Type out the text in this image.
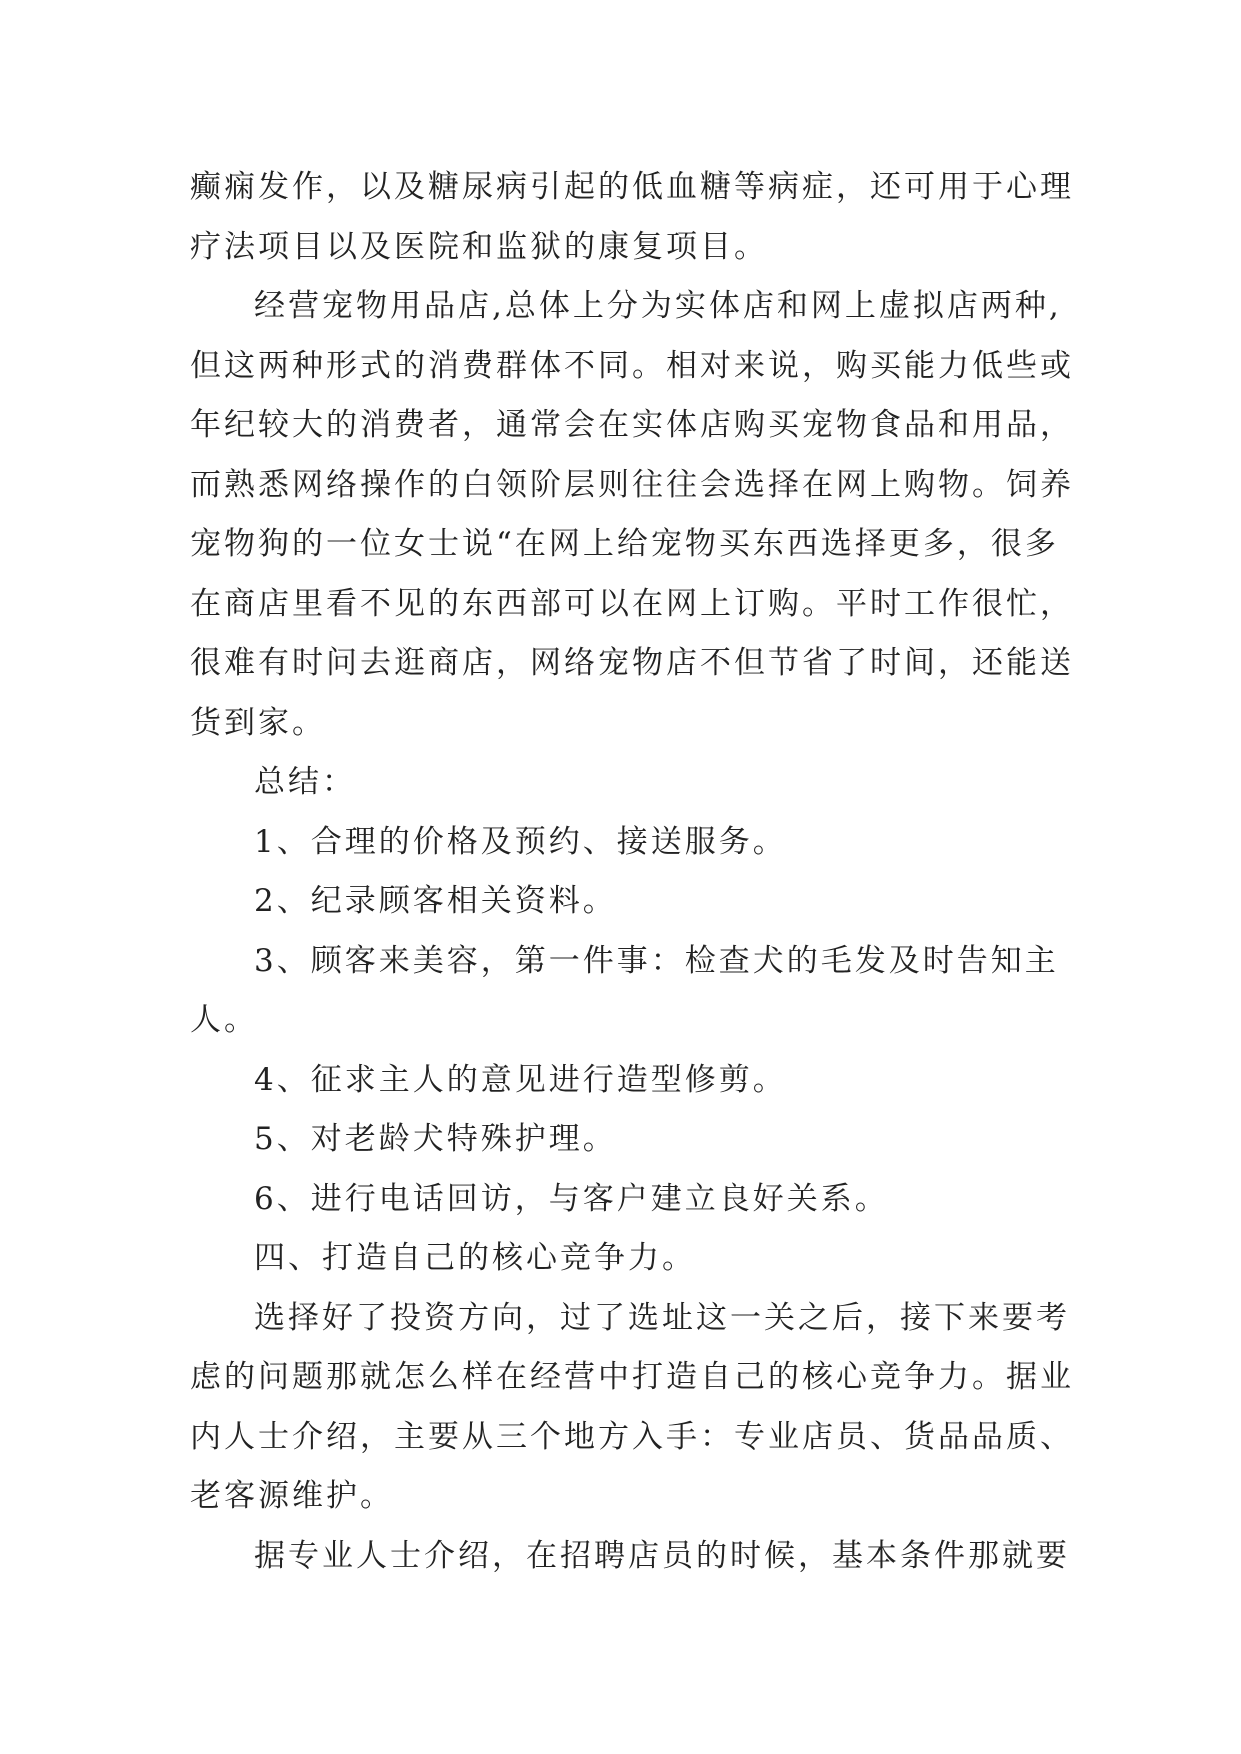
癫痫发作，以及糖尿病引起的低血糖等病症，还可用于心理
疗法项目以及医院和监狱的康复项目。
经营宠物用品店,总体上分为实体店和网上虚拟店两种,
但这两种形式的消费群体不同。相对来说，购买能力低些或
年纪较大的消费者，通常会在实体店购买宠物食品和用品，
而熟悉网络操作的白领阶层则往往会选择在网上购物。饲养
宠物狗的一位女士说“在网上给宠物买东西选择更多，很多
在商店里看不见的东西部可以在网上订购。平时工作很忙，
很难有时问去逛商店，网络宠物店不但节省了时间，还能送
货到家。
总结：
1、合理的价格及预约、接送服务。
2、纪录顾客相关资料。
3、顾客来美容，第一件事：检查犬的毛发及时告知主
人。
4、征求主人的意见进行造型修剪。
5、对老龄犬特殊护理。
6、进行电话回访，与客户建立良好关系。
四、打造自己的核心竞争力。
选择好了投资方向，过了选址这一关之后，接下来要考
虑的问题那就怎么样在经营中打造自己的核心竞争力。据业
内人士介绍，主要从三个地方入手：专业店员、货品品质、
老客源维护。
据专业人士介绍，在招聘店员的时候，基本条件那就要
